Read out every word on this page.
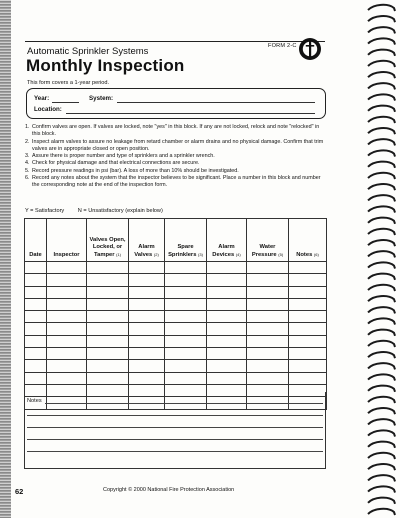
FORM 2-C
Automatic Sprinkler Systems
Monthly Inspection
This form covers a 1-year period.
Year:	System:
Location:
1. Confirm valves are open. If valves are locked, note "yes" in this block. If any are not locked, relock and note "relocked" in this block.
2. Inspect alarm valves to assure no leakage from retard chamber or alarm drains and no physical damage. Confirm that trim valves are in appropriate closed or open position.
3. Assure there is proper number and type of sprinklers and a sprinkler wrench.
4. Check for physical damage and that electrical connections are secure.
5. Record pressure readings in psi (bar). A loss of more than 10% should be investigated.
6. Record any notes about the system that the inspector believes to be significant. Place a number in this block and number the corresponding note at the end of the inspection form.
Y = Satisfactory N = Unsatisfactory (explain below)
Date	Inspector	Valves Open, Locked, or Tamper (1)	Alarm Valves (2)	Spare Sprinklers (3)	Alarm Devices (4)	Water Pressure (5)	Notes (6)

Notes
62	Copyright © 2000 National Fire Protection Association
